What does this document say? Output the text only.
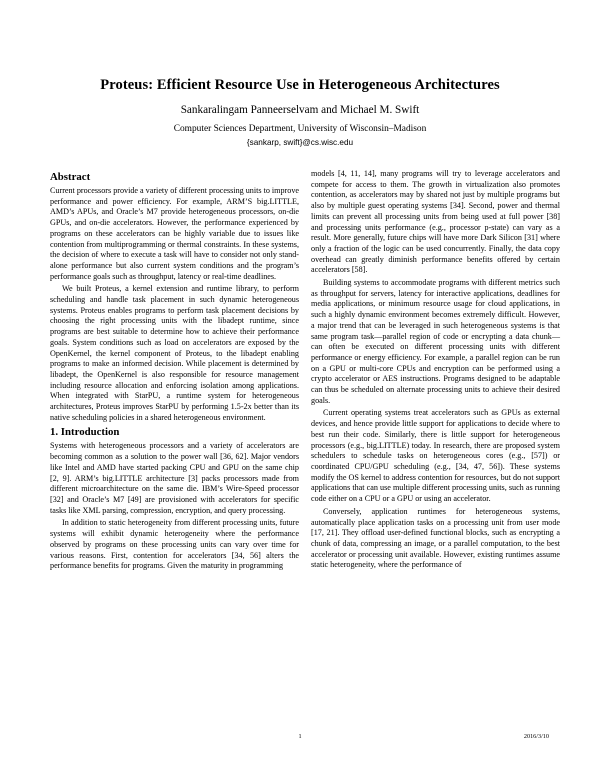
Proteus: Efficient Resource Use in Heterogeneous Architectures
Sankaralingam Panneerselvam and Michael M. Swift
Computer Sciences Department, University of Wisconsin–Madison
{sankarp, swift}@cs.wisc.edu
Abstract

Current processors provide a variety of different processing units to improve performance and power efficiency. For example, ARM’S big.LITTLE, AMD’s APUs, and Oracle’s M7 provide heterogeneous processors, on-die GPUs, and on-die accelerators. However, the performance experienced by programs on these accelerators can be highly variable due to issues like contention from multiprogramming or thermal constraints. In these systems, the decision of where to execute a task will have to consider not only stand-alone performance but also current system conditions and the program’s performance goals such as throughput, latency or real-time deadlines.

We built Proteus, a kernel extension and runtime library, to perform scheduling and handle task placement in such dynamic heterogeneous systems. Proteus enables programs to perform task placement decisions by choosing the right processing units with the libadept runtime, since programs are best suitable to determine how to achieve their performance goals. System conditions such as load on accelerators are exposed by the OpenKernel, the kernel component of Proteus, to the libadept enabling programs to make an informed decision. While placement is determined by libadept, the OpenKernel is also responsible for resource management including resource allocation and enforcing isolation among applications. When integrated with StarPU, a runtime system for heterogeneous architectures, Proteus improves StarPU by performing 1.5-2x better than its native scheduling policies in a shared heterogeneous environment.

1. Introduction

Systems with heterogeneous processors and a variety of accelerators are becoming common as a solution to the power wall [36, 62]. Major vendors like Intel and AMD have started packing CPU and GPU on the same chip [2, 9]. ARM’s big.LITTLE architecture [3] packs processors made from different microarchitecture on the same die. IBM’s Wire-Speed processor [32] and Oracle’s M7 [49] are provisioned with accelerators for specific tasks like XML parsing, compression, encryption, and query processing.

In addition to static heterogeneity from different processing units, future systems will exhibit dynamic heterogeneity where the performance observed by programs on these processing units can vary over time for various reasons. First, contention for accelerators [34, 56] alters the performance benefits for programs. Given the maturity in programming

models [4, 11, 14], many programs will try to leverage accelerators and compete for access to them. The growth in virtualization also promotes contention, as accelerators may by shared not just by multiple programs but also by multiple guest operating systems [34]. Second, power and thermal limits can prevent all processing units from being used at full power [38] and processing units performance (e.g., processor p-state) can vary as a result. More generally, future chips will have more Dark Silicon [31] where only a fraction of the logic can be used concurrently. Finally, the data copy overhead can greatly diminish performance benefits offered by certain accelerators [58].

Building systems to accommodate programs with different metrics such as throughput for servers, latency for interactive applications, deadlines for media applications, or minimum resource usage for cloud applications, in such a highly dynamic environment becomes extremely difficult. However, a major trend that can be leveraged in such heterogeneous systems is that same program task—parallel region of code or encrypting a data chunk—can often be executed on different processing units with different performance or energy efficiency. For example, a parallel region can be run on a GPU or multi-core CPUs and encryption can be performed using a crypto accelerator or AES instructions. Programs designed to be adaptable can thus be scheduled on alternate processing units to achieve their desired goals.

Current operating systems treat accelerators such as GPUs as external devices, and hence provide little support for applications to decide where to best run their code. Similarly, there is little support for heterogeneous processors (e.g., big.LITTLE) today. In research, there are proposed system schedulers to schedule tasks on heterogeneous cores (e.g., [57]) or coordinated CPU/GPU scheduling (e.g., [34, 47, 56]). These systems modify the OS kernel to address contention for resources, but do not support applications that can use multiple different processing units, such as running code either on a CPU or a GPU or using an accelerator.

Conversely, application runtimes for heterogeneous systems, automatically place application tasks on a processing unit from user mode [17, 21]. They offload user-defined functional blocks, such as encrypting a chunk of data, compressing an image, or a parallel computation, to the best accelerator or processing unit available. However, existing runtimes assume static heterogeneity, where the performance of

1	2016/3/10
